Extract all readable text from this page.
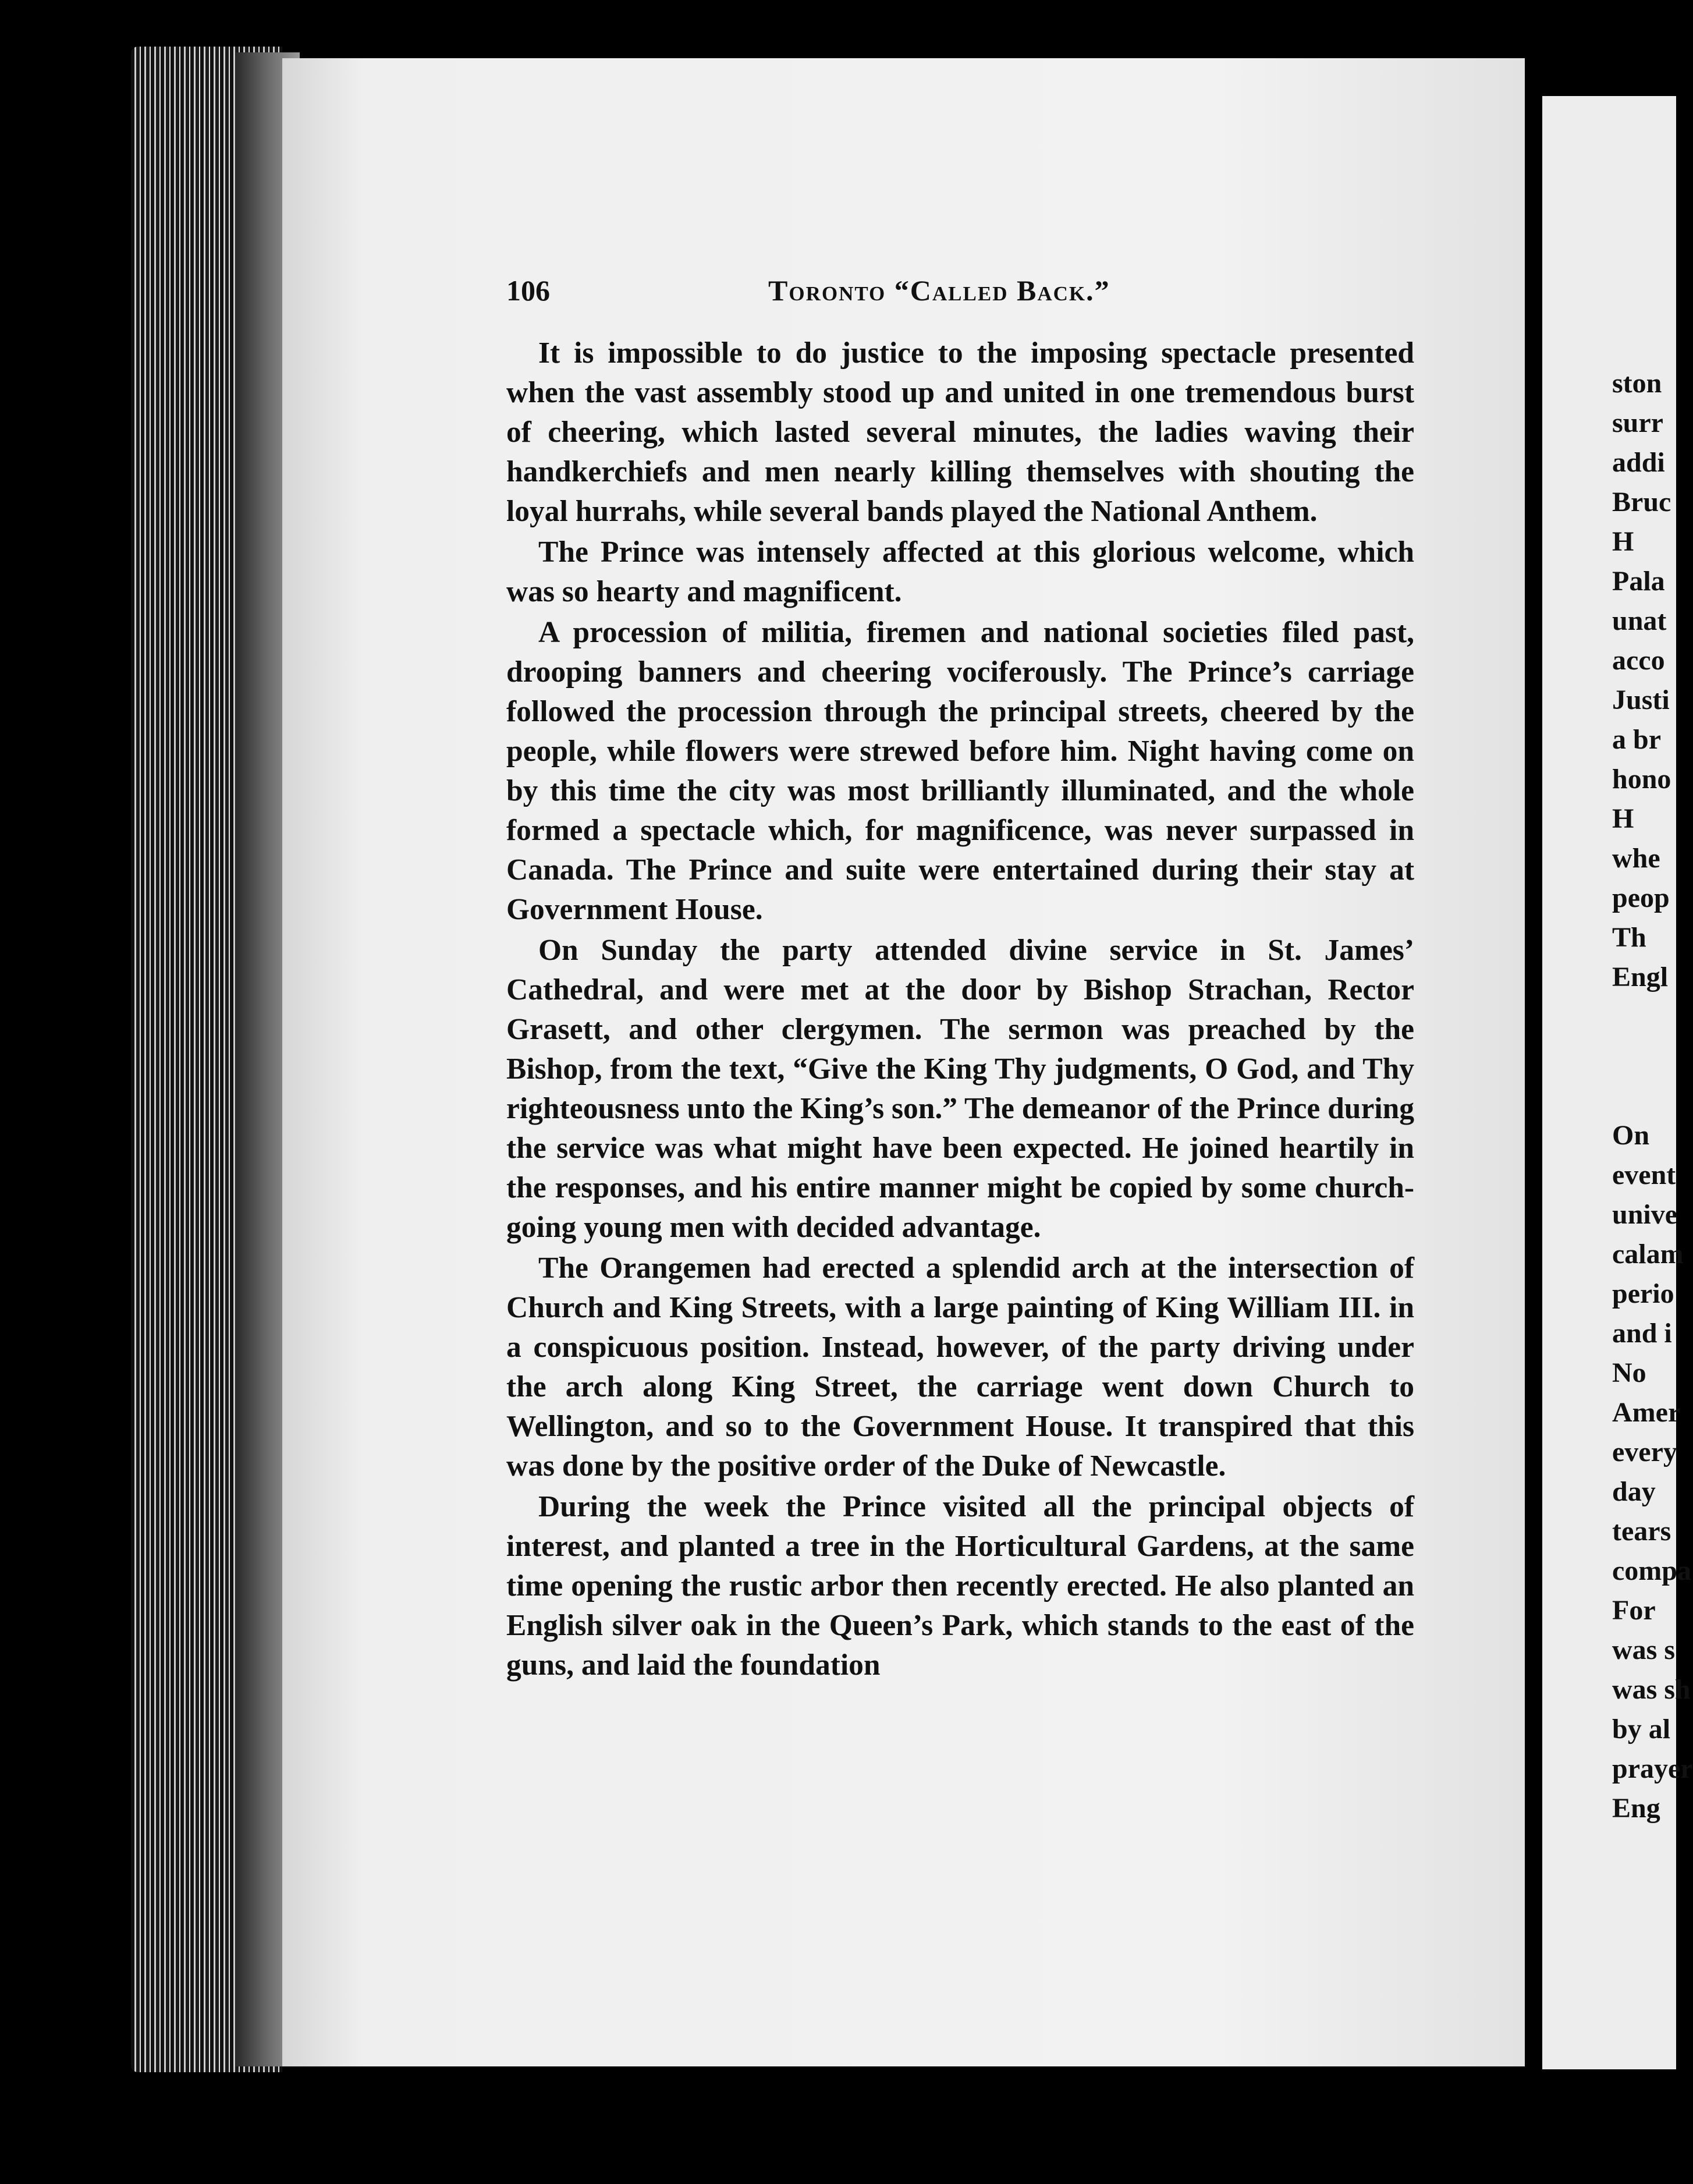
106	Toronto “Called Back.”

It is impossible to do justice to the imposing spectacle presented when the vast assembly stood up and united in one tremendous burst of cheering, which lasted several minutes, the ladies waving their handkerchiefs and men nearly killing themselves with shouting the loyal hurrahs, while several bands played the National Anthem.

The Prince was intensely affected at this glorious welcome, which was so hearty and magnificent.

A procession of militia, firemen and national societies filed past, drooping banners and cheering vociferously. The Prince’s carriage followed the procession through the principal streets, cheered by the people, while flowers were strewed before him. Night having come on by this time the city was most brilliantly illuminated, and the whole formed a spectacle which, for magnificence, was never surpassed in Canada. The Prince and suite were entertained during their stay at Government House.

On Sunday the party attended divine service in St. James’ Cathedral, and were met at the door by Bishop Strachan, Rector Grasett, and other clergymen. The sermon was preached by the Bishop, from the text, “Give the King Thy judgments, O God, and Thy righteousness unto the King’s son.” The demeanor of the Prince during the service was what might have been expected. He joined heartily in the responses, and his entire manner might be copied by some church-going young men with decided advantage.

The Orangemen had erected a splendid arch at the intersection of Church and King Streets, with a large painting of King William III. in a conspicuous position. Instead, however, of the party driving under the arch along King Street, the carriage went down Church to Wellington, and so to the Government House. It transpired that this was done by the positive order of the Duke of Newcastle.

During the week the Prince visited all the principal objects of interest, and planted a tree in the Horticultural Gardens, at the same time opening the rustic arbor then recently erected. He also planted an English silver oak in the Queen’s Park, which stands to the east of the guns, and laid the foundation

ston
surr
addi
Bruc
H
Pala
unat
acco
Justi
a br
hono
H
whe
peop
Th
Engl
On
event
unive
calam
perio
and i
No
Amer
every
day
tears
compa
For
was s
was sh
by al
prayer
Eng
